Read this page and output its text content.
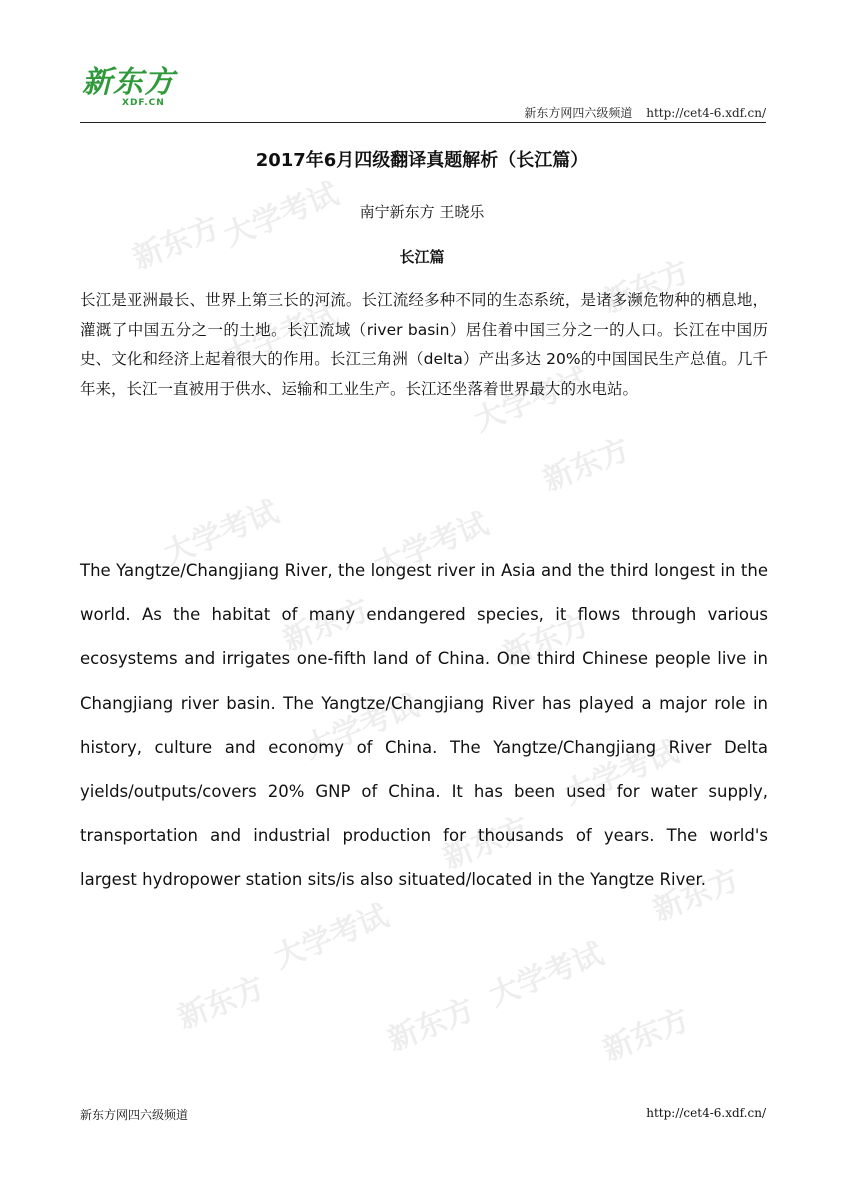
新东方
大学考试
新东方
大学考试
大学考试
新东方
大学考试	大学考试
新东方	新东方
大学考试
大学考试
新东方
新东方
大学考试	大学考试
新东方	新东方	新东方
新东方
XDF.CN
新东方网四六级频道 http://cet4-6.xdf.cn/
2017年6月四级翻译真题解析（长江篇）
南宁新东方 王晓乐
长江篇

长江是亚洲最长、世界上第三长的河流。长江流经多种不同的生态系统，是诸多濒危物种的栖息地，灌溉了中国五分之一的土地。长江流域（river basin）居住着中国三分之一的人口。长江在中国历史、文化和经济上起着很大的作用。长江三角洲（delta）产出多达 20%的中国国民生产总值。几千年来，长江一直被用于供水、运输和工业生产。长江还坐落着世界最大的水电站。

The Yangtze/Changjiang River, the longest river in Asia and the third longest in the world. As the habitat of many endangered species, it flows through various ecosystems and irrigates one-fifth land of China. One third Chinese people live in Changjiang river basin. The Yangtze/Changjiang River has played a major role in history, culture and economy of China. The Yangtze/Changjiang River Delta yields/outputs/covers 20% GNP of China. It has been used for water supply, transportation and industrial production for thousands of years. The world's largest hydropower station sits/is also situated/located in the Yangtze River.

新东方网四六级频道	http://cet4-6.xdf.cn/
